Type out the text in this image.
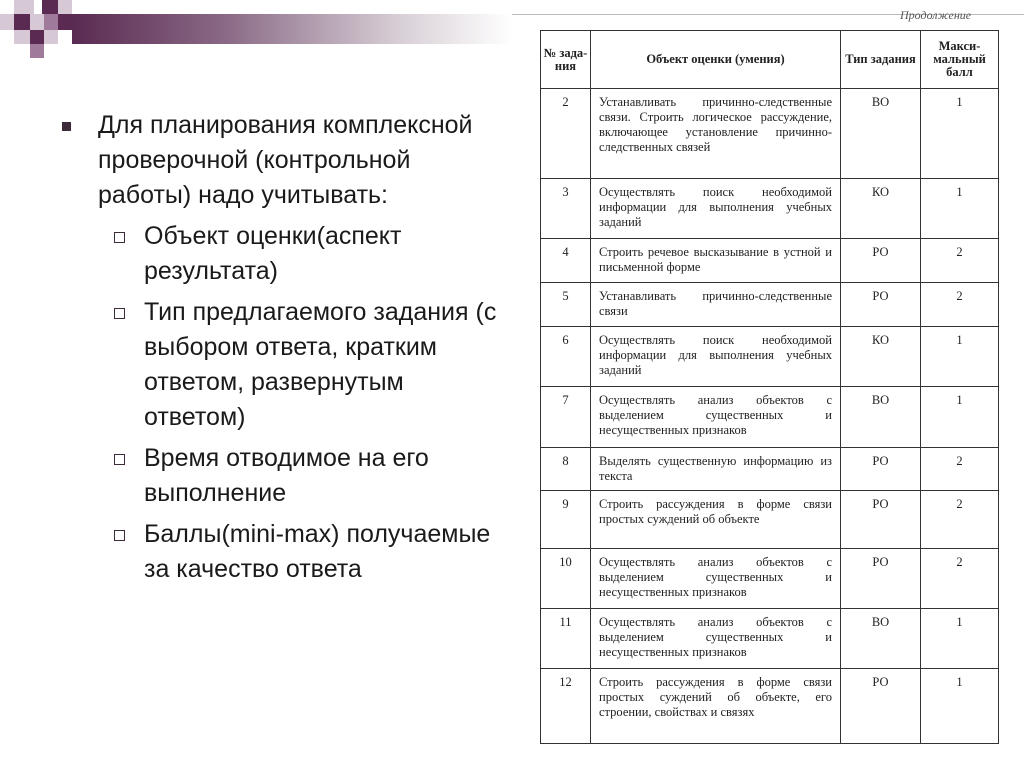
Для планирования комплексной проверочной (контрольной работы) надо учитывать:
Объект оценки(аспект результата)
Тип предлагаемого задания (с выбором ответа, кратким ответом, развернутым ответом)
Время отводимое на его выполнение
Баллы(mini-max) получаемые за качество ответа
Продолжение
№ зада-ния	Объект оценки (умения)	Тип задания	Макси-мальный балл
2	Устанавливать причинно-следственные связи. Строить логическое рассуждение, включающее установление причинно-следственных связей	ВО	1
3	Осуществлять поиск необходимой информации для выполнения учебных заданий	КО	1
4	Строить речевое высказывание в устной и письменной форме	РО	2
5	Устанавливать причинно-следственные связи	РО	2
6	Осуществлять поиск необходимой информации для выполнения учебных заданий	КО	1
7	Осуществлять анализ объектов с выделением существенных и несущественных признаков	ВО	1
8	Выделять существенную информацию из текста	РО	2
9	Строить рассуждения в форме связи простых суждений об объекте	РО	2
10	Осуществлять анализ объектов с выделением существенных и несущественных признаков	РО	2
11	Осуществлять анализ объектов с выделением существенных и несущественных признаков	ВО	1
12	Строить рассуждения в форме связи простых суждений об объекте, его строении, свойствах и связях	РО	1
